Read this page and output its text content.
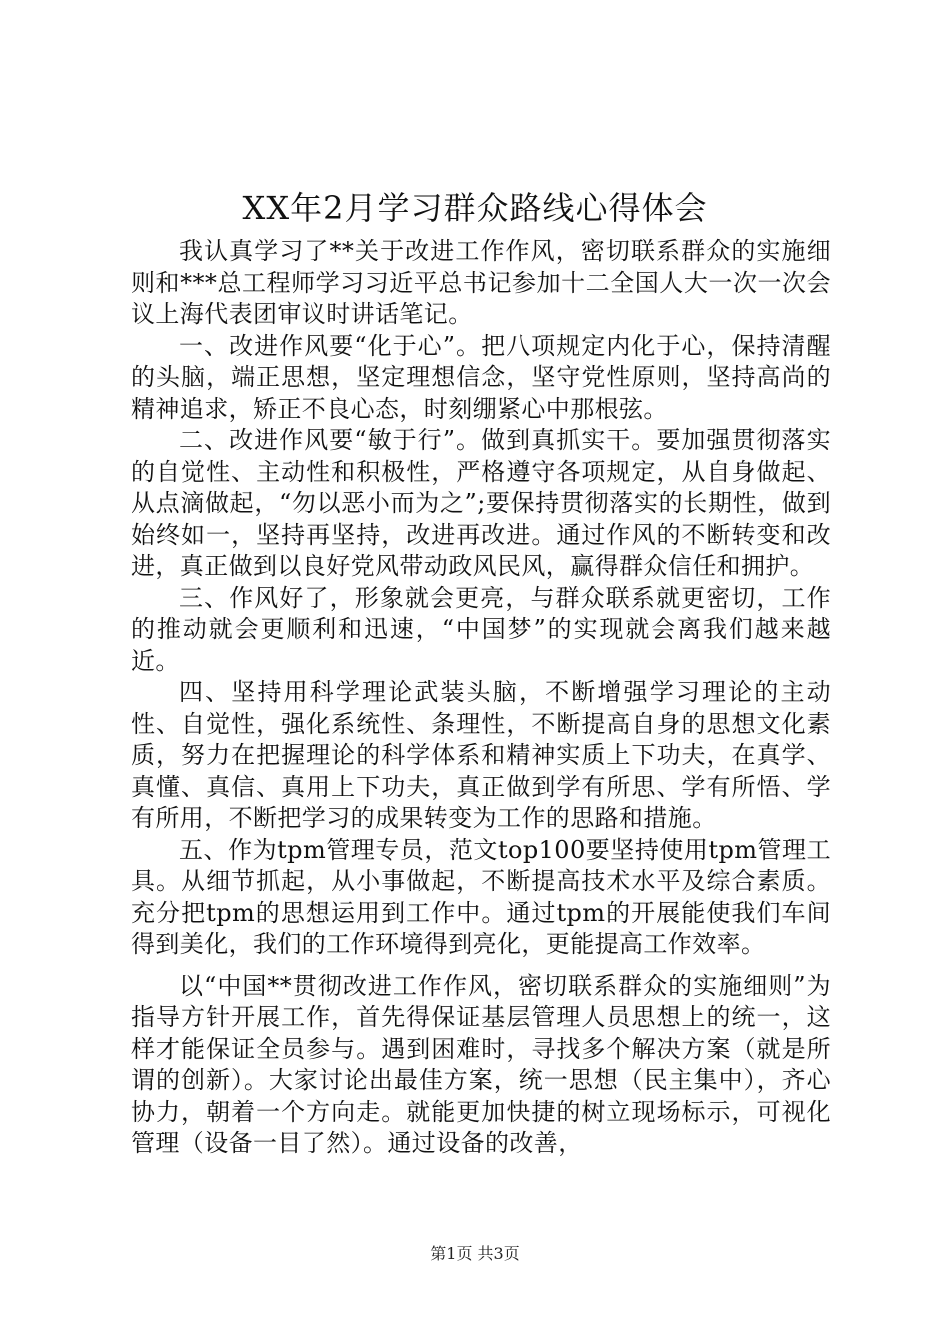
XX年2月学习群众路线心得体会

我认真学习了**关于改进工作作风，密切联系群众的实施细则和***总工程师学习习近平总书记参加十二全国人大一次一次会议上海代表团审议时讲话笔记。

一、改进作风要“化于心”。把八项规定内化于心，保持清醒的头脑，端正思想，坚定理想信念，坚守党性原则，坚持高尚的精神追求，矫正不良心态，时刻绷紧心中那根弦。

二、改进作风要“敏于行”。做到真抓实干。要加强贯彻落实的自觉性、主动性和积极性，严格遵守各项规定，从自身做起、从点滴做起，“勿以恶小而为之”;要保持贯彻落实的长期性，做到始终如一，坚持再坚持，改进再改进。通过作风的不断转变和改进，真正做到以良好党风带动政风民风，赢得群众信任和拥护。

三、作风好了，形象就会更亮，与群众联系就更密切，工作的推动就会更顺利和迅速，“中国梦”的实现就会离我们越来越近。

四、坚持用科学理论武装头脑，不断增强学习理论的主动性、自觉性，强化系统性、条理性，不断提高自身的思想文化素质，努力在把握理论的科学体系和精神实质上下功夫，在真学、真懂、真信、真用上下功夫，真正做到学有所思、学有所悟、学有所用，不断把学习的成果转变为工作的思路和措施。

五、作为tpm管理专员，范文top100要坚持使用tpm管理工具。从细节抓起，从小事做起，不断提高技术水平及综合素质。充分把tpm的思想运用到工作中。通过tpm的开展能使我们车间得到美化，我们的工作环境得到亮化，更能提高工作效率。

以“中国**贯彻改进工作作风，密切联系群众的实施细则”为指导方针开展工作，首先得保证基层管理人员思想上的统一，这样才能保证全员参与。遇到困难时，寻找多个解决方案（就是所谓的创新）。大家讨论出最佳方案，统一思想（民主集中），齐心协力，朝着一个方向走。就能更加快捷的树立现场标示，可视化管理（设备一目了然）。通过设备的改善，

第1页 共3页
